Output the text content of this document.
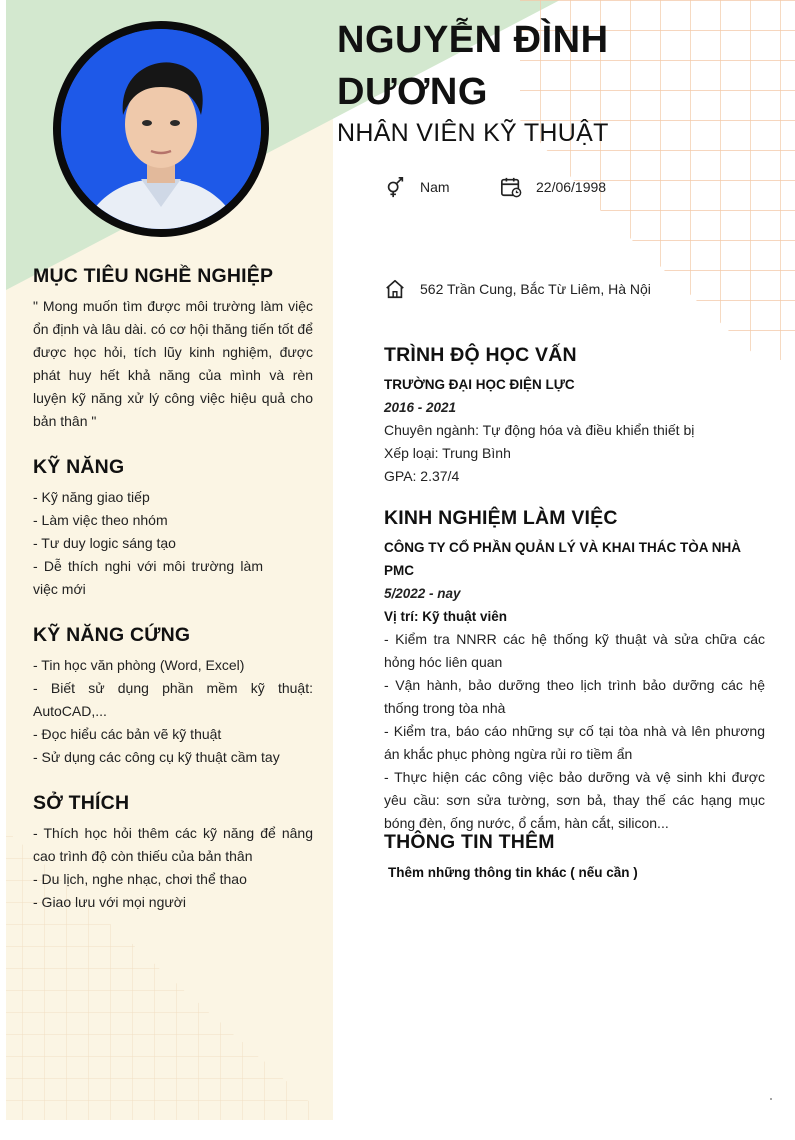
NGUYỄN ĐÌNH DƯƠNG
NHÂN VIÊN KỸ THUẬT
Nam	22/06/1998
562 Trần Cung, Bắc Từ Liêm, Hà Nội
MỤC TIÊU NGHỀ NGHIỆP
" Mong muốn tìm được môi trường làm việc ổn định và lâu dài. có cơ hội thăng tiến tốt để được học hỏi, tích lũy kinh nghiệm, được phát huy hết khả năng của mình và rèn luyện kỹ năng xử lý công việc hiệu quả cho bản thân "
KỸ NĂNG
- Kỹ năng giao tiếp
- Làm việc theo nhóm
- Tư duy logic sáng tạo
- Dễ thích nghi với môi trường làm việc mới
KỸ NĂNG CỨNG
- Tin học văn phòng (Word, Excel)
- Biết sử dụng phần mềm kỹ thuật: AutoCAD,...
- Đọc hiểu các bản vẽ kỹ thuật
- Sử dụng các công cụ kỹ thuật cầm tay
SỞ THÍCH
- Thích học hỏi thêm các kỹ năng để nâng cao trình độ còn thiếu của bản thân
- Du lịch, nghe nhạc, chơi thể thao
- Giao lưu với mọi người
TRÌNH ĐỘ HỌC VẤN
TRƯỜNG ĐẠI HỌC ĐIỆN LỰC
2016 - 2021
Chuyên ngành: Tự động hóa và điều khiển thiết bị
Xếp loại: Trung Bình
GPA: 2.37/4
KINH NGHIỆM LÀM VIỆC
CÔNG TY CỔ PHẦN QUẢN LÝ VÀ KHAI THÁC TÒA NHÀ PMC
5/2022 - nay
Vị trí: Kỹ thuật viên
- Kiểm tra NNRR các hệ thống kỹ thuật và sửa chữa các hỏng hóc liên quan
- Vận hành, bảo dưỡng theo lịch trình bảo dưỡng các hệ thống trong tòa nhà
- Kiểm tra, báo cáo những sự cố tại tòa nhà và lên phương án khắc phục phòng ngừa rủi ro tiềm ẩn
- Thực hiện các công việc bảo dưỡng và vệ sinh khi được yêu cầu: sơn sửa tường, sơn bả, thay thế các hạng mục bóng đèn, ống nước, ổ cắm, hàn cắt, silicon...
THÔNG TIN THÊM
Thêm những thông tin khác ( nếu cần )
